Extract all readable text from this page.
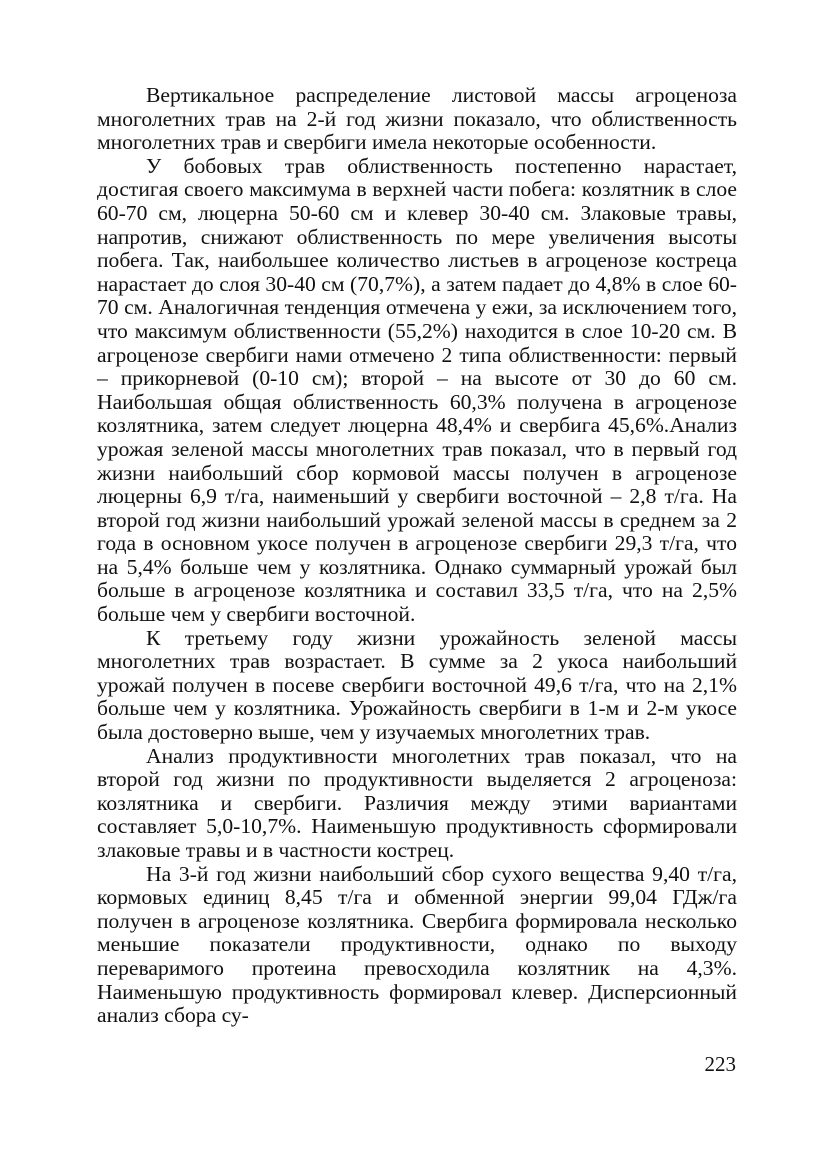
Вертикальное распределение листовой массы агроценоза многолетних трав на 2-й год жизни показало, что облиственность многолетних трав и свербиги имела некоторые особенности.

У бобовых трав облиственность постепенно нарастает, достигая своего максимума в верхней части побега: козлятник в слое 60-70 см, люцерна 50-60 см и клевер 30-40 см. Злаковые травы, напротив, снижают облиственность по мере увеличения высоты побега. Так, наибольшее количество листьев в агроценозе кострeца нарастает до слоя 30-40 см (70,7%), а затем падает до 4,8% в слое 60-70 см. Аналогичная тенденция отмечена у ежи, за исключением того, что максимум облиственности (55,2%) находится в слое 10-20 см. В агроценозе свербиги нами отмечено 2 типа облиственности: первый – прикорневой (0-10 см); второй – на высоте от 30 до 60 см. Наибольшая общая облиственность 60,3% получена в агроценозе козлятника, затем следует люцерна 48,4% и свербига 45,6%.Анализ урожая зеленой массы многолетних трав показал, что в первый год жизни наибольший сбор кормовой массы получен в агроценозе люцерны 6,9 т/га, наименьший у свербиги восточной – 2,8 т/га. На второй год жизни наибольший урожай зеленой массы в среднем за 2 года в основном укосе получен в агроценозе свербиги 29,3 т/га, что на 5,4% больше чем у козлятника. Однако суммарный урожай был больше в агроценозе козлятника и составил 33,5 т/га, что на 2,5% больше чем у свербиги восточной.

К третьему году жизни урожайность зеленой массы многолетних трав возрастает. В сумме за 2 укоса наибольший урожай получен в посеве свербиги восточной 49,6 т/га, что на 2,1% больше чем у козлятника. Урожайность свербиги в 1-м и 2-м укосе была достоверно выше, чем у изучаемых многолетних трав.

Анализ продуктивности многолетних трав показал, что на второй год жизни по продуктивности выделяется 2 агроценоза: козлятника и свербиги. Различия между этими вариантами составляет 5,0-10,7%. Наименьшую продуктивность сформировали злаковые травы и в частности кострец.

На 3-й год жизни наибольший сбор сухого вещества 9,40 т/га, кормовых единиц 8,45 т/га и обменной энергии 99,04 ГДж/га получен в агроценозе козлятника. Свербига формировала несколько меньшие показатели продуктивности, однако по выходу переваримого протеина превосходила козлятник на 4,3%. Наименьшую продуктивность формировал клевер. Дисперсионный анализ сбора су-

223
